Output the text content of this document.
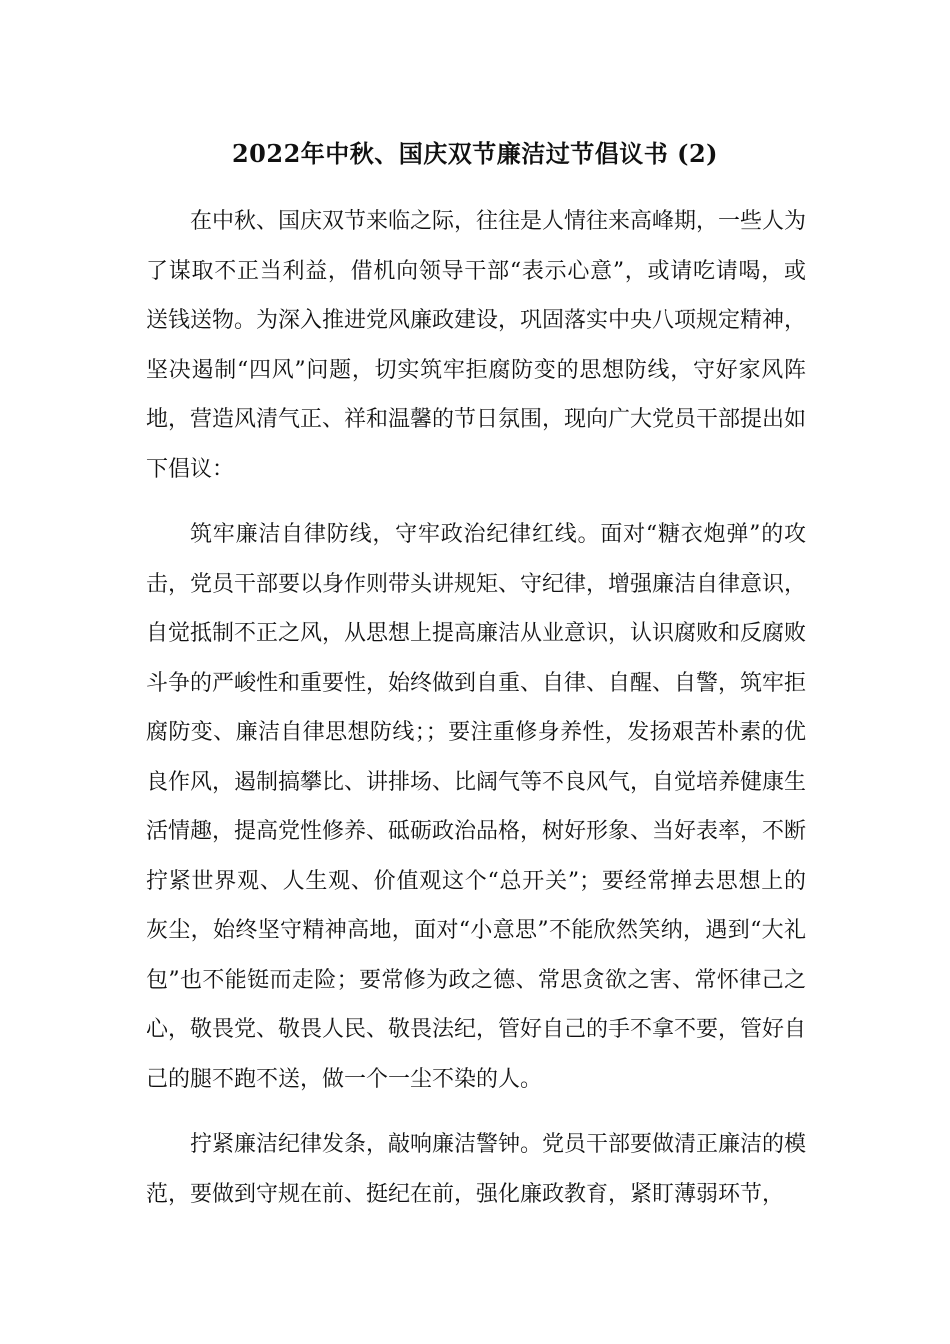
2022年中秋、国庆双节廉洁过节倡议书 (2)

在中秋、国庆双节来临之际，往往是人情往来高峰期，一些人为了谋取不正当利益，借机向领导干部“表示心意”，或请吃请喝，或送钱送物。为深入推进党风廉政建设，巩固落实中央八项规定精神，坚决遏制“四风”问题，切实筑牢拒腐防变的思想防线，守好家风阵地，营造风清气正、祥和温馨的节日氛围，现向广大党员干部提出如下倡议：

筑牢廉洁自律防线，守牢政治纪律红线。面对“糖衣炮弹”的攻击，党员干部要以身作则带头讲规矩、守纪律，增强廉洁自律意识，自觉抵制不正之风，从思想上提高廉洁从业意识，认识腐败和反腐败斗争的严峻性和重要性，始终做到自重、自律、自醒、自警，筑牢拒腐防变、廉洁自律思想防线；；要注重修身养性，发扬艰苦朴素的优良作风，遏制搞攀比、讲排场、比阔气等不良风气，自觉培养健康生活情趣，提高党性修养、砥砺政治品格，树好形象、当好表率，不断拧紧世界观、人生观、价值观这个“总开关”；要经常掸去思想上的灰尘，始终坚守精神高地，面对“小意思”不能欣然笑纳，遇到“大礼包”也不能铤而走险；要常修为政之德、常思贪欲之害、常怀律己之心，敬畏党、敬畏人民、敬畏法纪，管好自己的手不拿不要，管好自己的腿不跑不送，做一个一尘不染的人。

拧紧廉洁纪律发条，敲响廉洁警钟。党员干部要做清正廉洁的模范，要做到守规在前、挺纪在前，强化廉政教育，紧盯薄弱环节，
